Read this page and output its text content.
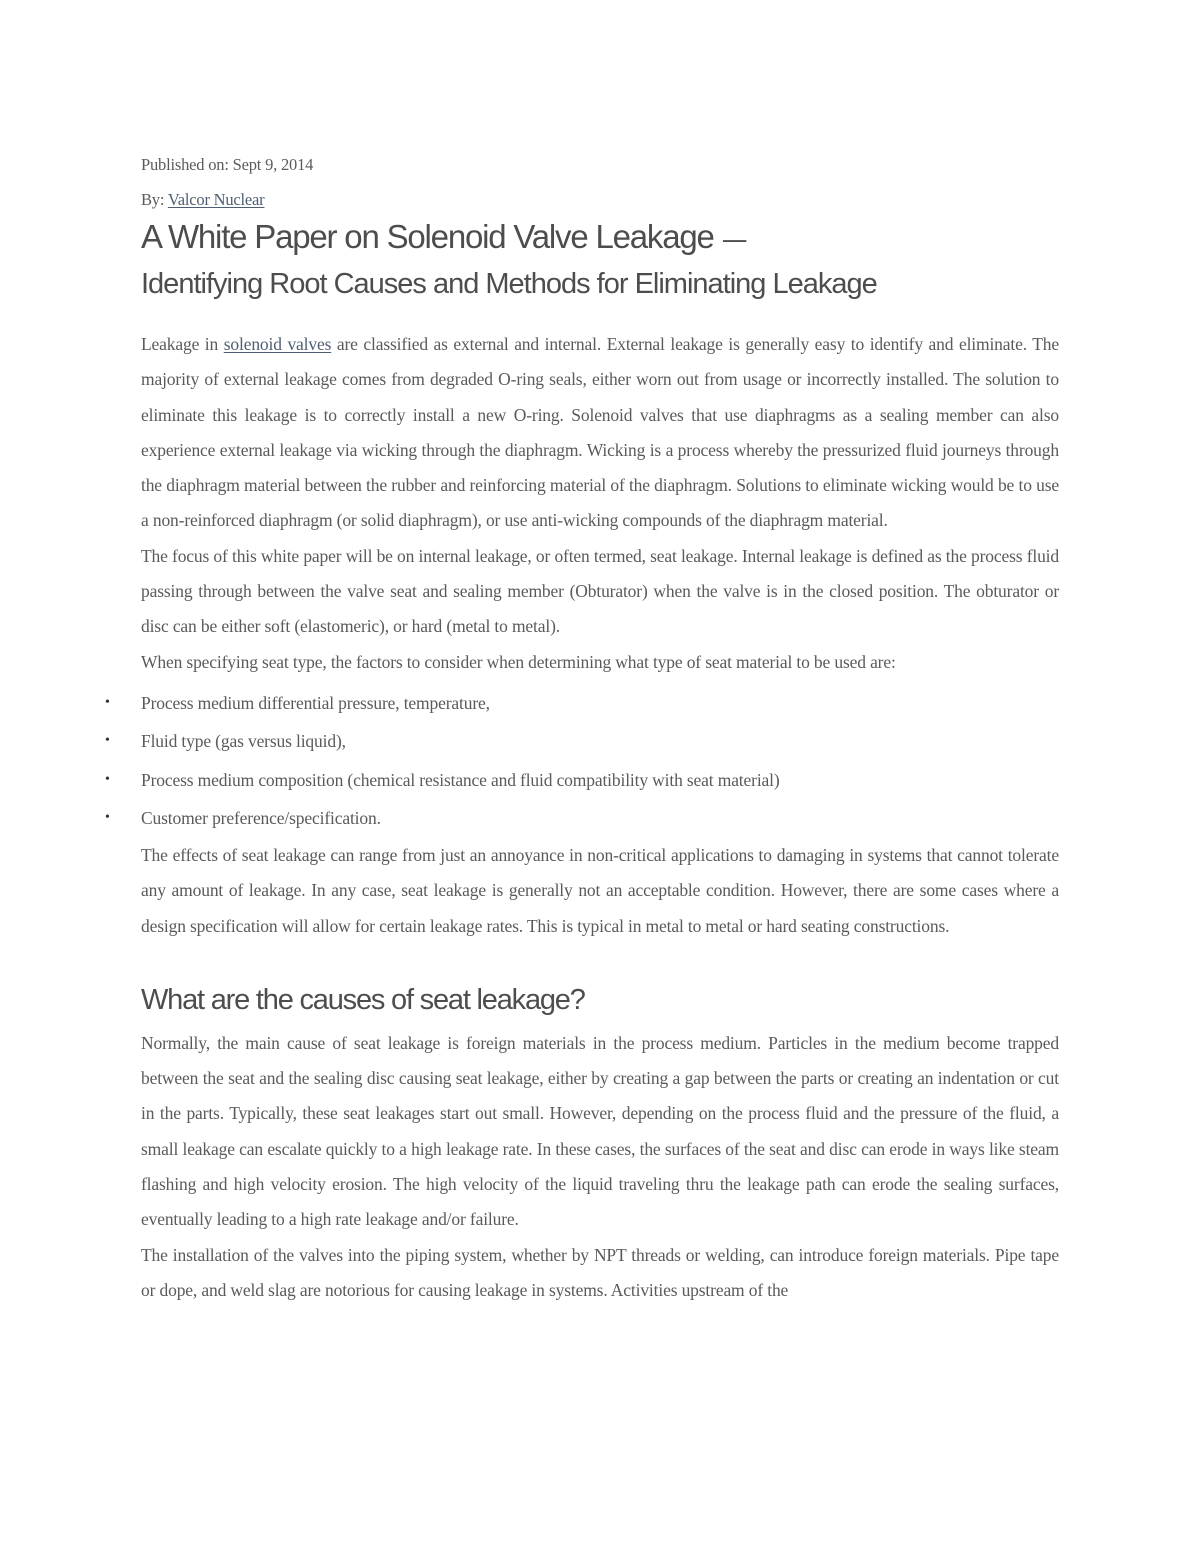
Published on: Sept 9, 2014
By: Valcor Nuclear
A White Paper on Solenoid Valve Leakage —
Identifying Root Causes and Methods for Eliminating Leakage

Leakage in solenoid valves are classified as external and internal. External leakage is generally easy to identify and eliminate. The majority of external leakage comes from degraded O-ring seals, either worn out from usage or incorrectly installed. The solution to eliminate this leakage is to correctly install a new O-ring. Solenoid valves that use diaphragms as a sealing member can also experience external leakage via wicking through the diaphragm. Wicking is a process whereby the pressurized fluid journeys through the diaphragm material between the rubber and reinforcing material of the diaphragm. Solutions to eliminate wicking would be to use a non-reinforced diaphragm (or solid diaphragm), or use anti-wicking compounds of the diaphragm material.

The focus of this white paper will be on internal leakage, or often termed, seat leakage. Internal leakage is defined as the process fluid passing through between the valve seat and sealing member (Obturator) when the valve is in the closed position. The obturator or disc can be either soft (elastomeric), or hard (metal to metal).

When specifying seat type, the factors to consider when determining what type of seat material to be used are:

• Process medium differential pressure, temperature,
• Fluid type (gas versus liquid),
• Process medium composition (chemical resistance and fluid compatibility with seat material)
• Customer preference/specification.

The effects of seat leakage can range from just an annoyance in non-critical applications to damaging in systems that cannot tolerate any amount of leakage. In any case, seat leakage is generally not an acceptable condition. However, there are some cases where a design specification will allow for certain leakage rates. This is typical in metal to metal or hard seating constructions.

What are the causes of seat leakage?

Normally, the main cause of seat leakage is foreign materials in the process medium. Particles in the medium become trapped between the seat and the sealing disc causing seat leakage, either by creating a gap between the parts or creating an indentation or cut in the parts. Typically, these seat leakages start out small. However, depending on the process fluid and the pressure of the fluid, a small leakage can escalate quickly to a high leakage rate. In these cases, the surfaces of the seat and disc can erode in ways like steam flashing and high velocity erosion. The high velocity of the liquid traveling thru the leakage path can erode the sealing surfaces, eventually leading to a high rate leakage and/or failure.

The installation of the valves into the piping system, whether by NPT threads or welding, can introduce foreign materials. Pipe tape or dope, and weld slag are notorious for causing leakage in systems. Activities upstream of the
